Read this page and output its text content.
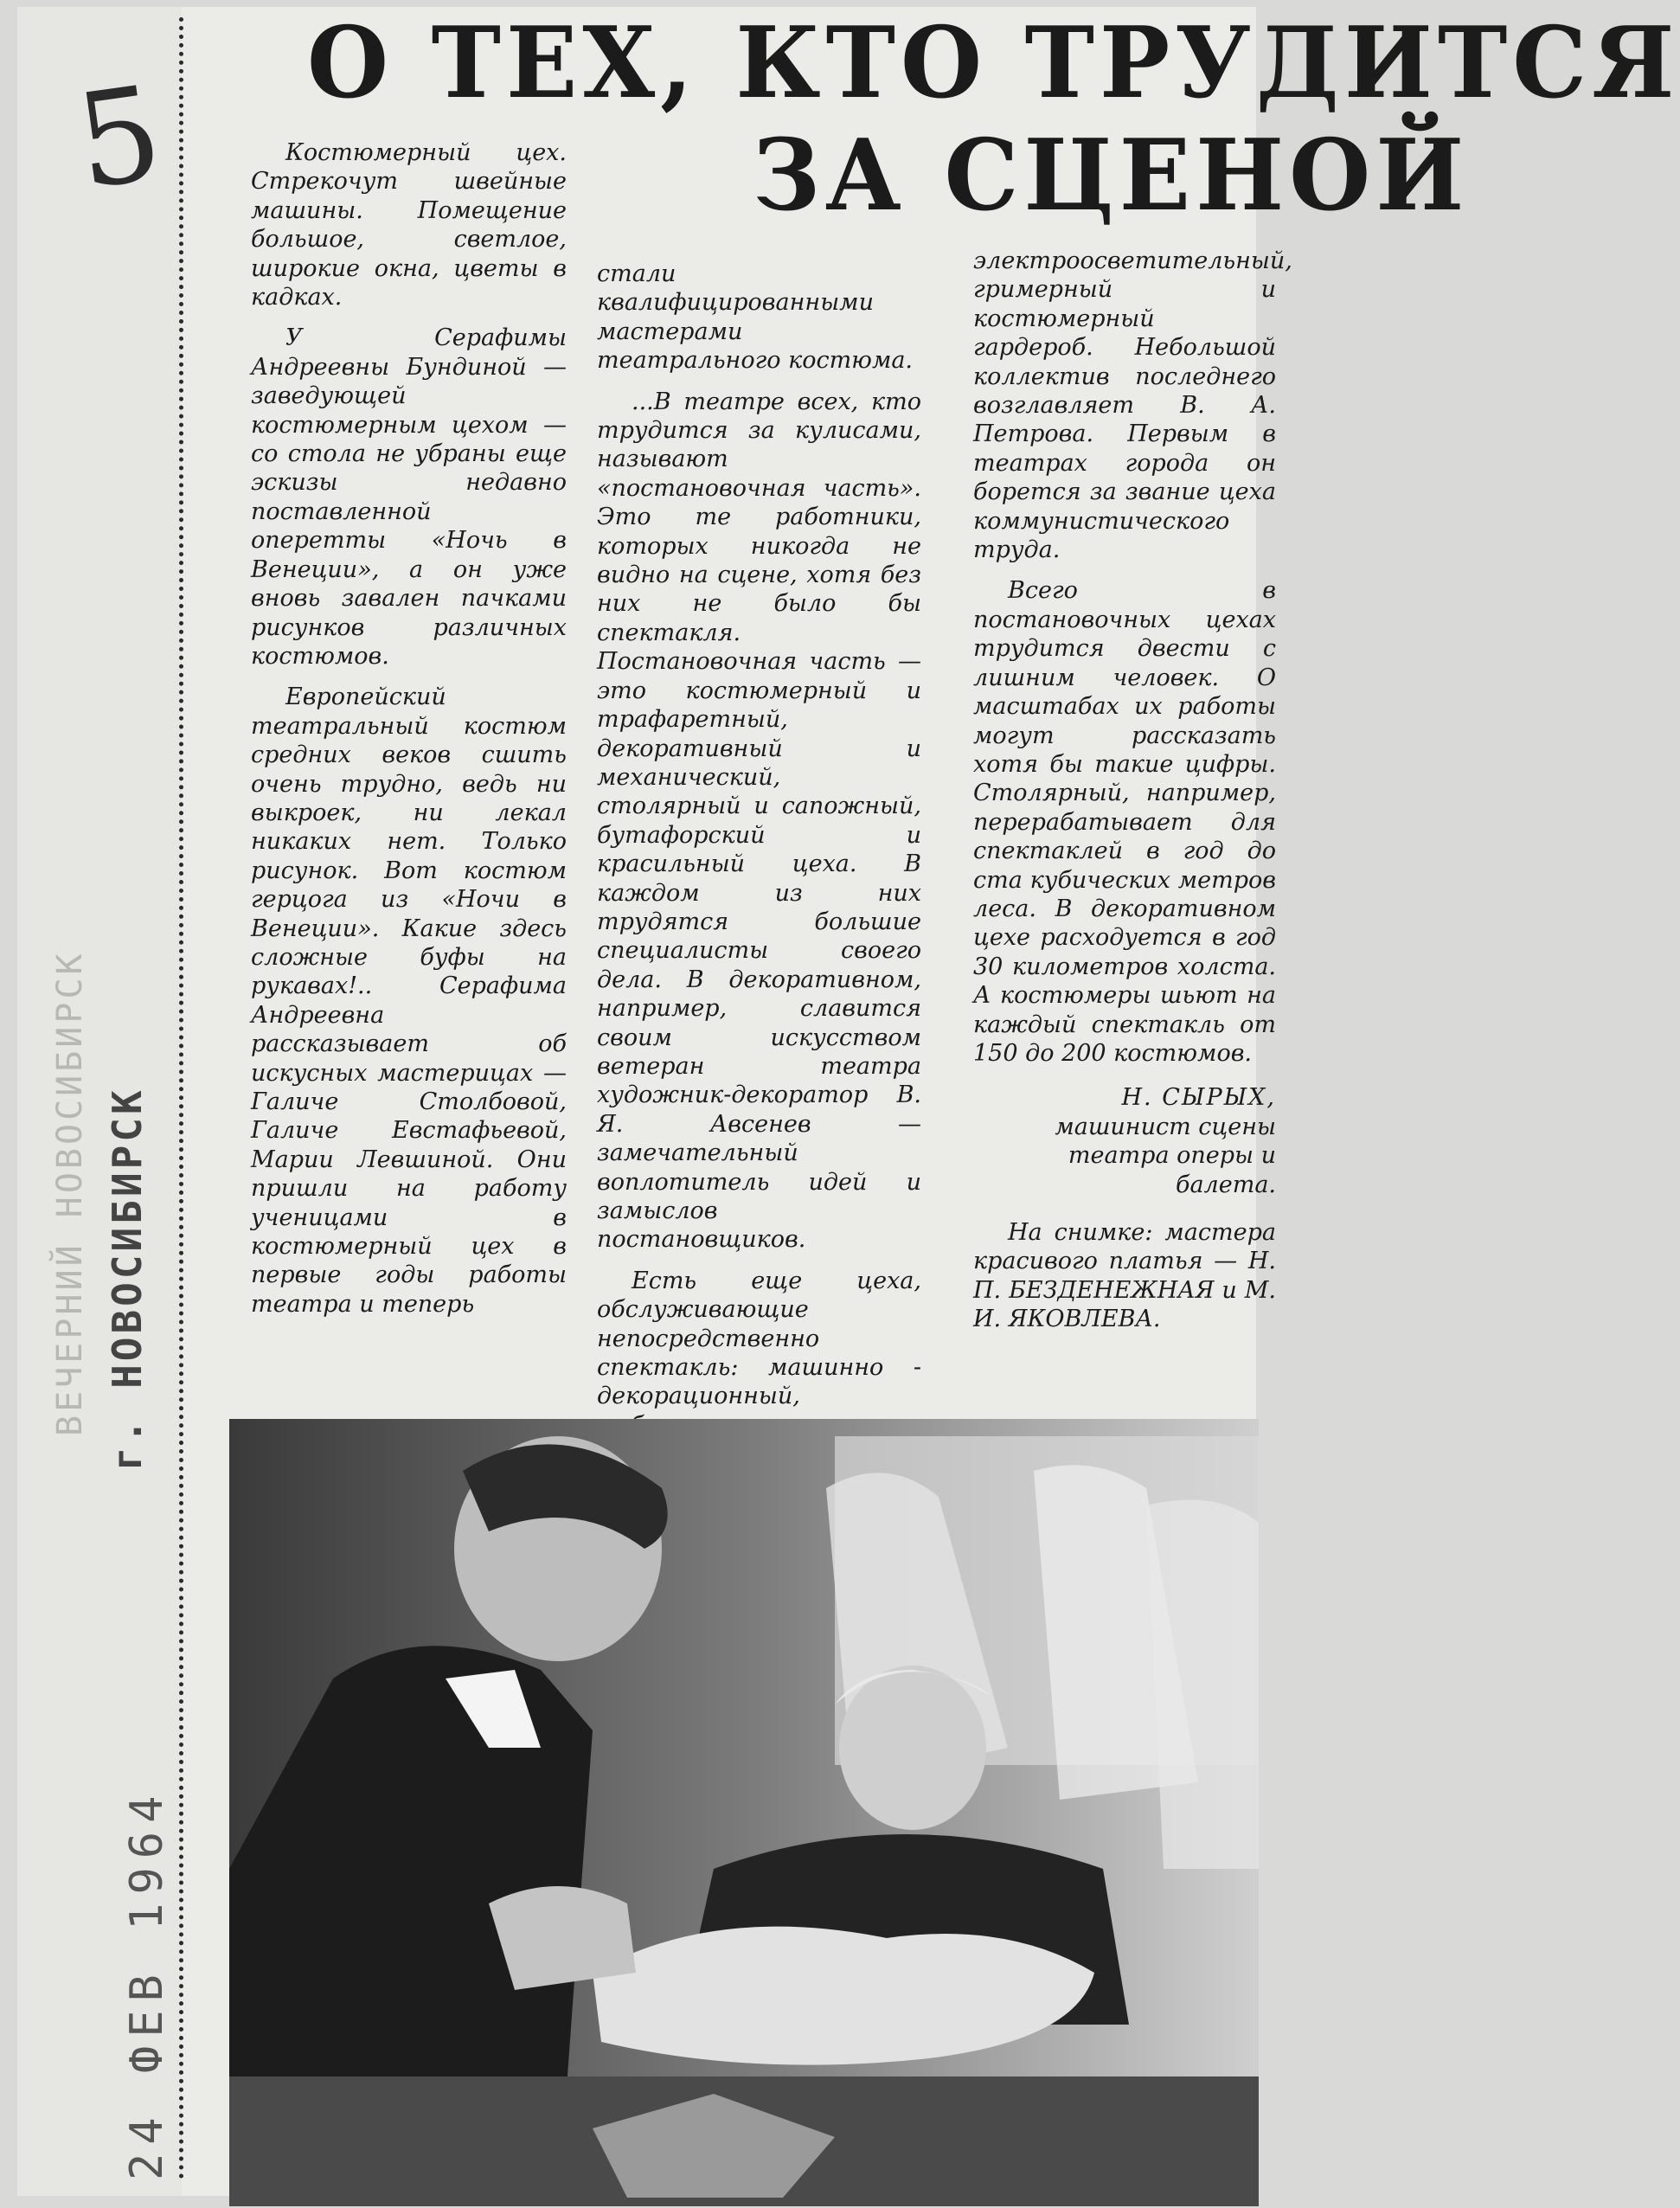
5
ВЕЧЕРНИЙ НОВОСИБИРСК г. НОВОСИБИРСК
24 ФЕВ 1964
О ТЕХ, КТО ТРУДИТСЯ
ЗА СЦЕНОЙ

Костюмерный цех. Стрекочут швейные машины. Помещение большое, светлое, широкие окна, цветы в кадках.

У Серафимы Андреевны Бундиной — заведующей костюмерным цехом — со стола не убраны еще эскизы недавно поставленной оперетты «Ночь в Венеции», а он уже вновь завален пачками рисунков различных костюмов.

Европейский театральный костюм средних веков сшить очень трудно, ведь ни выкроек, ни лекал никаких нет. Только рисунок. Вот костюм герцога из «Ночи в Венеции». Какие здесь сложные буфы на рукавах!.. Серафима Андреевна рассказывает об искусных мастерицах — Галиче Столбовой, Галиче Евстафьевой, Марии Левшиной. Они пришли на работу ученицами в костюмерный цех в первые годы работы театра и теперь

стали квалифицированными мастерами театрального костюма.

...В театре всех, кто трудится за кулисами, называют «постановочная часть». Это те работники, которых никогда не видно на сцене, хотя без них не было бы спектакля. Постановочная часть — это костюмерный и трафаретный, декоративный и механический, столярный и сапожный, бутафорский и красильный цеха. В каждом из них трудятся большие специалисты своего дела. В декоративном, например, славится своим искусством ветеран театра художник-декоратор В. Я. Авсенев — замечательный воплотитель идей и замыслов постановщиков.

Есть еще цеха, обслуживающие непосредственно спектакль: машинно - декорационный,

электроосветительный, гримерный и костюмерный гардероб. Небольшой коллектив последнего возглавляет В. А. Петрова. Первым в театрах города он борется за звание цеха коммунистического труда.

Всего в постановочных цехах трудится двести с лишним человек. О масштабах их работы могут рассказать хотя бы такие цифры. Столярный, например, перерабатывает для спектаклей в год до ста кубических метров леса. В декоративном цехе расходуется в год 30 километров холста. А костюмеры шьют на каждый спектакль от 150 до 200 костюмов.

Н. СЫРЫХ,
машинист сцены театра оперы и балета.

На снимке: мастера красивого платья — Н. П. БЕЗДЕНЕЖНАЯ и М. И. ЯКОВЛЕВА.
